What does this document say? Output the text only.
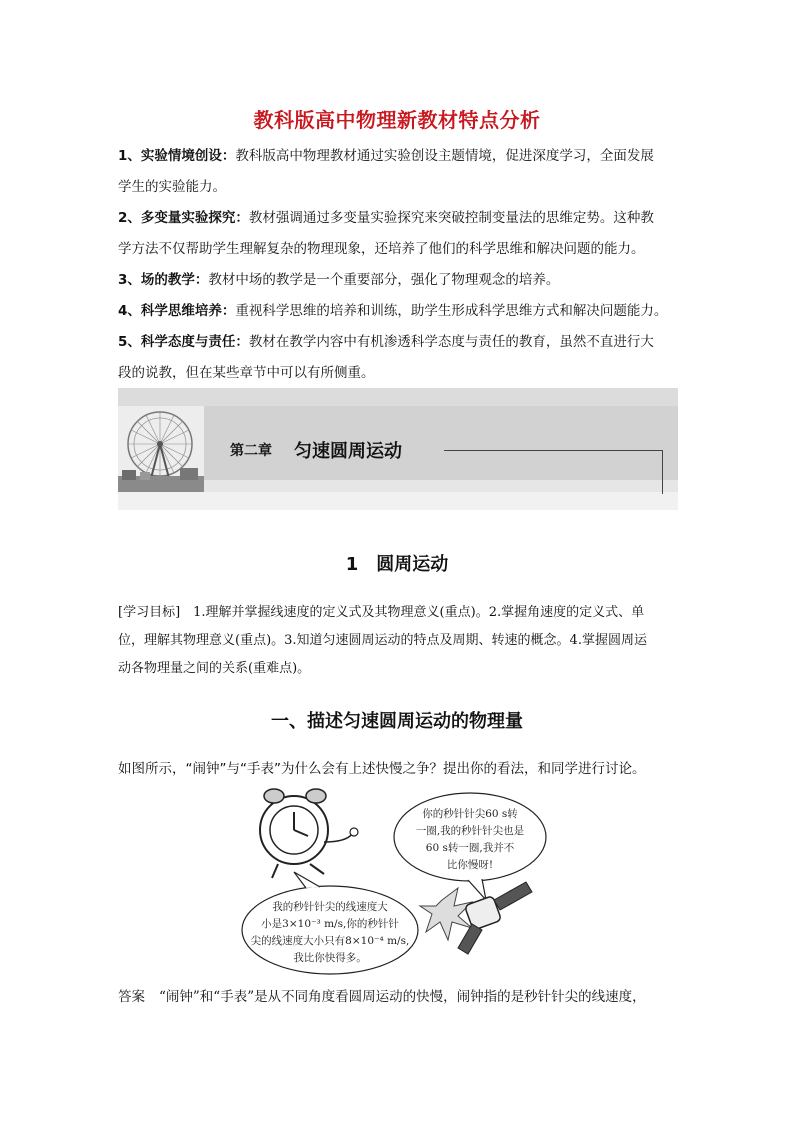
教科版高中物理新教材特点分析
1、实验情境创设：教科版高中物理教材通过实验创设主题情境，促进深度学习，全面发展
学生的实验能力。
2、多变量实验探究：教材强调通过多变量实验探究来突破控制变量法的思维定势。这种教
学方法不仅帮助学生理解复杂的物理现象，还培养了他们的科学思维和解决问题的能力。
3、场的教学：教材中场的教学是一个重要部分，强化了物理观念的培养。
4、科学思维培养：重视科学思维的培养和训练，助学生形成科学思维方式和解决问题能力。
5、科学态度与责任：教材在教学内容中有机渗透科学态度与责任的教育，虽然不直进行大
段的说教，但在某些章节中可以有所侧重。
第二章 匀速圆周运动
1　圆周运动
[学习目标]　1.理解并掌握线速度的定义式及其物理意义(重点)。2.掌握角速度的定义式、单
位，理解其物理意义(重点)。3.知道匀速圆周运动的特点及周期、转速的概念。4.掌握圆周运
动各物理量之间的关系(重难点)。
一、描述匀速圆周运动的物理量
如图所示，“闹钟”与“手表”为什么会有上述快慢之争？提出你的看法，和同学进行讨论。
你的秒针针尖60 s转
一圈,我的秒针针尖也是
60 s转一圈,我并不
比你慢呀!
我的秒针针尖的线速度大
小是3×10⁻³ m/s,你的秒针针
尖的线速度大小只有8×10⁻⁴ m/s,
我比你快得多。
答案 “闹钟”和“手表”是从不同角度看圆周运动的快慢，闹钟指的是秒针针尖的线速度，
